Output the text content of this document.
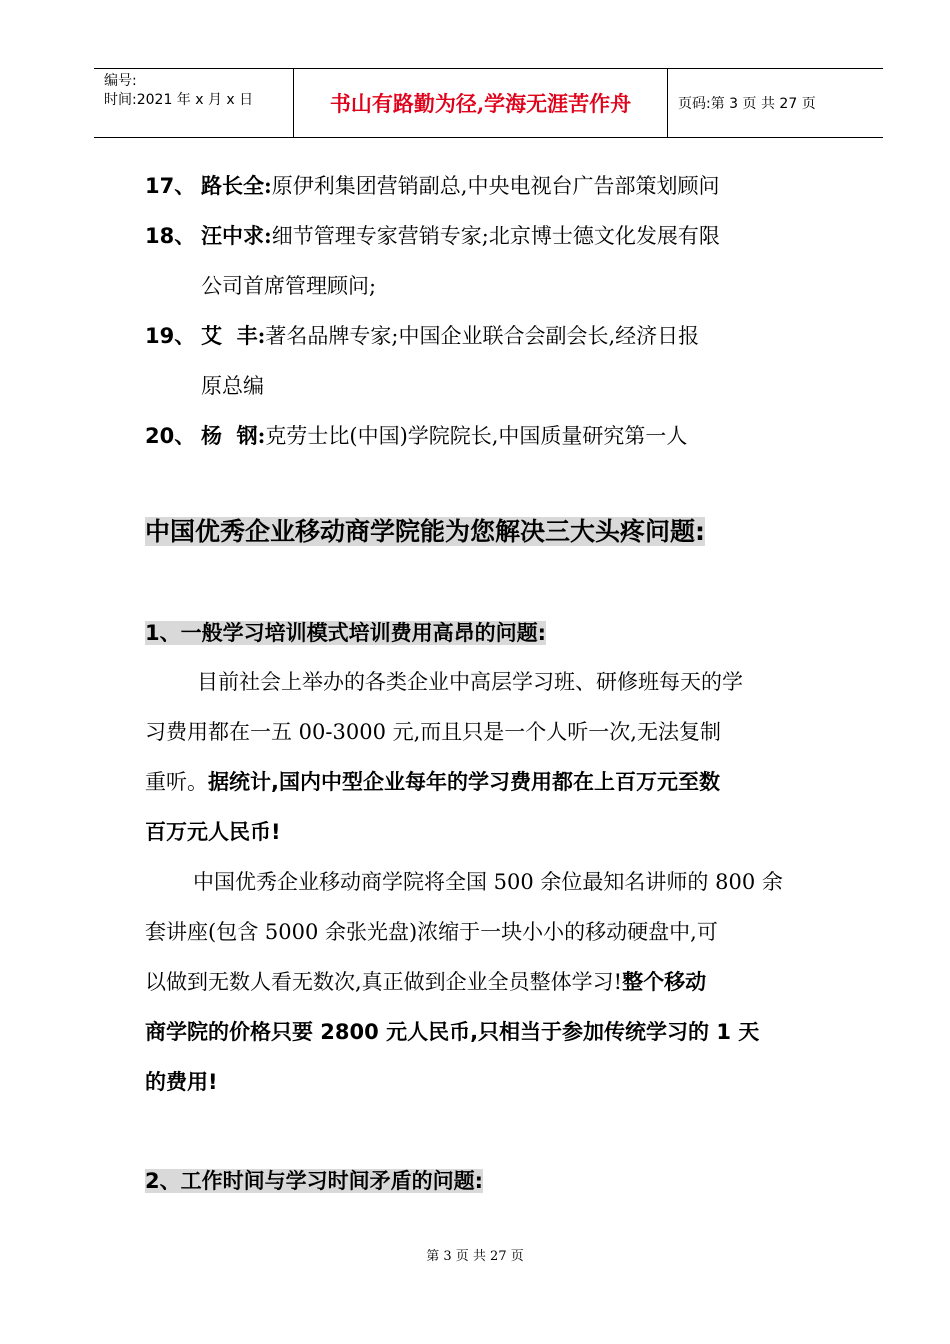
编号:
时间:2021 年 x 月 x 日	书山有路勤为径,学海无涯苦作舟	页码:第 3 页 共 27 页
17、 路长全:原伊利集团营销副总,中央电视台广告部策划顾问
18、 汪中求:细节管理专家营销专家;北京博士德文化发展有限
公司首席管理顾问;
19、 艾  丰:著名品牌专家;中国企业联合会副会长,经济日报
原总编
20、 杨  钢:克劳士比(中国)学院院长,中国质量研究第一人
中国优秀企业移动商学院能为您解决三大头疼问题:
1、一般学习培训模式培训费用高昂的问题:

目前社会上举办的各类企业中高层学习班、研修班每天的学

习费用都在一五 00-3000 元,而且只是一个人听一次,无法复制

重听。据统计,国内中型企业每年的学习费用都在上百万元至数

百万元人民币!

中国优秀企业移动商学院将全国 500 余位最知名讲师的 800 余

套讲座(包含 5000 余张光盘)浓缩于一块小小的移动硬盘中,可

以做到无数人看无数次,真正做到企业全员整体学习!整个移动

商学院的价格只要 2800 元人民币,只相当于参加传统学习的 1 天

的费用!

2、工作时间与学习时间矛盾的问题:
第 3 页 共 27 页
